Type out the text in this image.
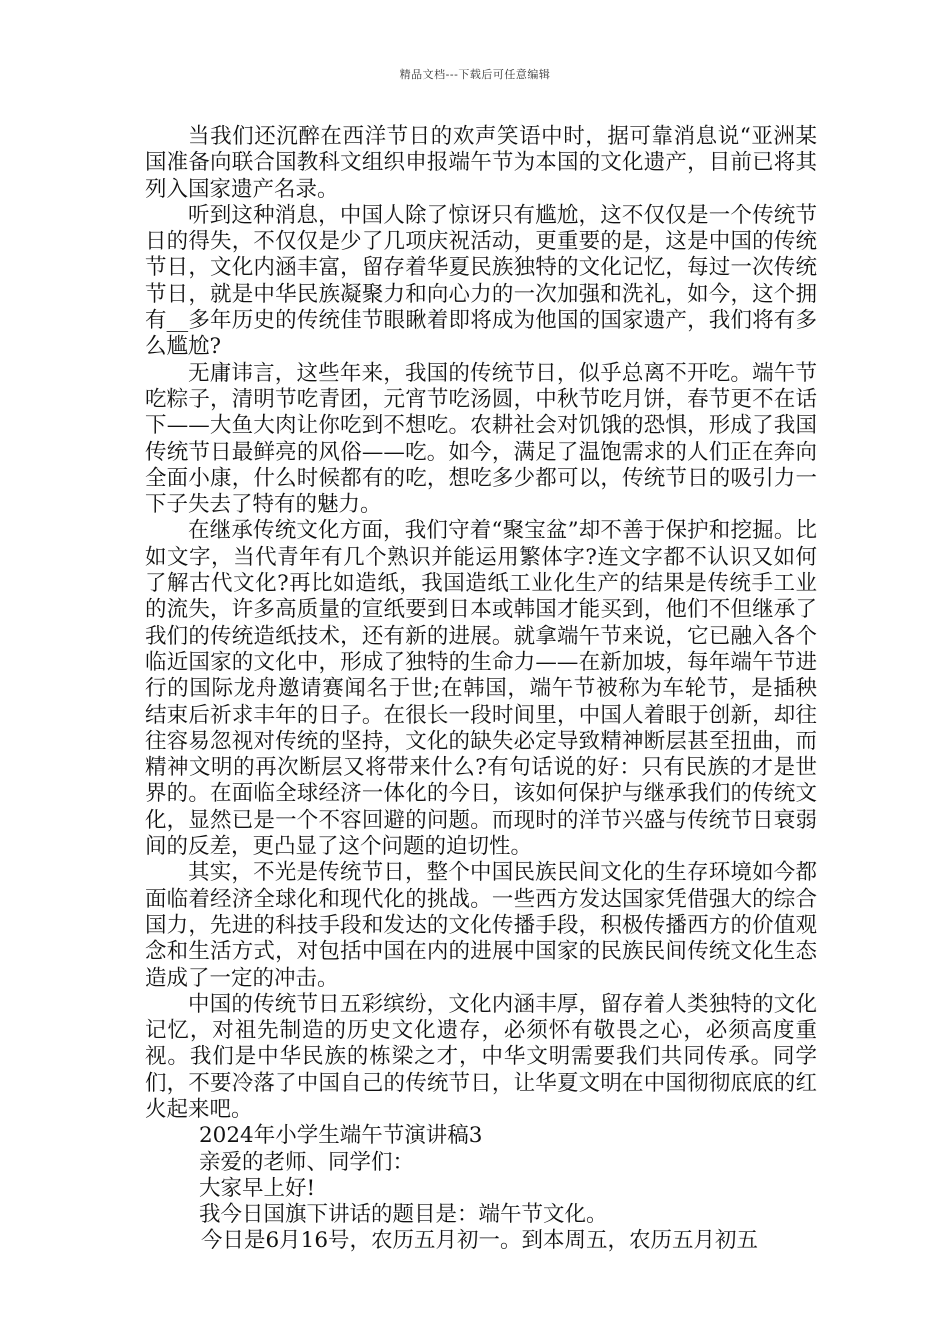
精品文档---下载后可任意编辑

当我们还沉醉在西洋节日的欢声笑语中时，据可靠消息说“亚洲某国准备向联合国教科文组织申报端午节为本国的文化遗产，目前已将其列入国家遗产名录。

听到这种消息，中国人除了惊讶只有尴尬，这不仅仅是一个传统节日的得失，不仅仅是少了几项庆祝活动，更重要的是，这是中国的传统节日，文化内涵丰富，留存着华夏民族独特的文化记忆，每过一次传统节日，就是中华民族凝聚力和向心力的一次加强和洗礼，如今，这个拥有__多年历史的传统佳节眼瞅着即将成为他国的国家遗产，我们将有多么尴尬?

无庸讳言，这些年来，我国的传统节日，似乎总离不开吃。端午节吃粽子，清明节吃青团，元宵节吃汤圆，中秋节吃月饼，春节更不在话下——大鱼大肉让你吃到不想吃。农耕社会对饥饿的恐惧，形成了我国传统节日最鲜亮的风俗——吃。如今，满足了温饱需求的人们正在奔向全面小康，什么时候都有的吃，想吃多少都可以，传统节日的吸引力一下子失去了特有的魅力。

在继承传统文化方面，我们守着“聚宝盆”却不善于保护和挖掘。比如文字，当代青年有几个熟识并能运用繁体字?连文字都不认识又如何了解古代文化?再比如造纸，我国造纸工业化生产的结果是传统手工业的流失，许多高质量的宣纸要到日本或韩国才能买到，他们不但继承了我们的传统造纸技术，还有新的进展。就拿端午节来说，它已融入各个临近国家的文化中，形成了独特的生命力——在新加坡，每年端午节进行的国际龙舟邀请赛闻名于世;在韩国，端午节被称为车轮节，是插秧结束后祈求丰年的日子。在很长一段时间里，中国人着眼于创新，却往往容易忽视对传统的坚持，文化的缺失必定导致精神断层甚至扭曲，而精神文明的再次断层又将带来什么?有句话说的好：只有民族的才是世界的。在面临全球经济一体化的今日，该如何保护与继承我们的传统文化，显然已是一个不容回避的问题。而现时的洋节兴盛与传统节日衰弱间的反差，更凸显了这个问题的迫切性。

其实，不光是传统节日，整个中国民族民间文化的生存环境如今都面临着经济全球化和现代化的挑战。一些西方发达国家凭借强大的综合国力，先进的科技手段和发达的文化传播手段，积极传播西方的价值观念和生活方式，对包括中国在内的进展中国家的民族民间传统文化生态造成了一定的冲击。

中国的传统节日五彩缤纷，文化内涵丰厚，留存着人类独特的文化记忆，对祖先制造的历史文化遗存，必须怀有敬畏之心，必须高度重视。我们是中华民族的栋梁之才，中华文明需要我们共同传承。同学们，不要冷落了中国自己的传统节日，让华夏文明在中国彻彻底底的红火起来吧。

2024年小学生端午节演讲稿3

亲爱的老师、同学们：

大家早上好!

我今日国旗下讲话的题目是：端午节文化。

今日是6月16号，农历五月初一。到本周五，农历五月初五
